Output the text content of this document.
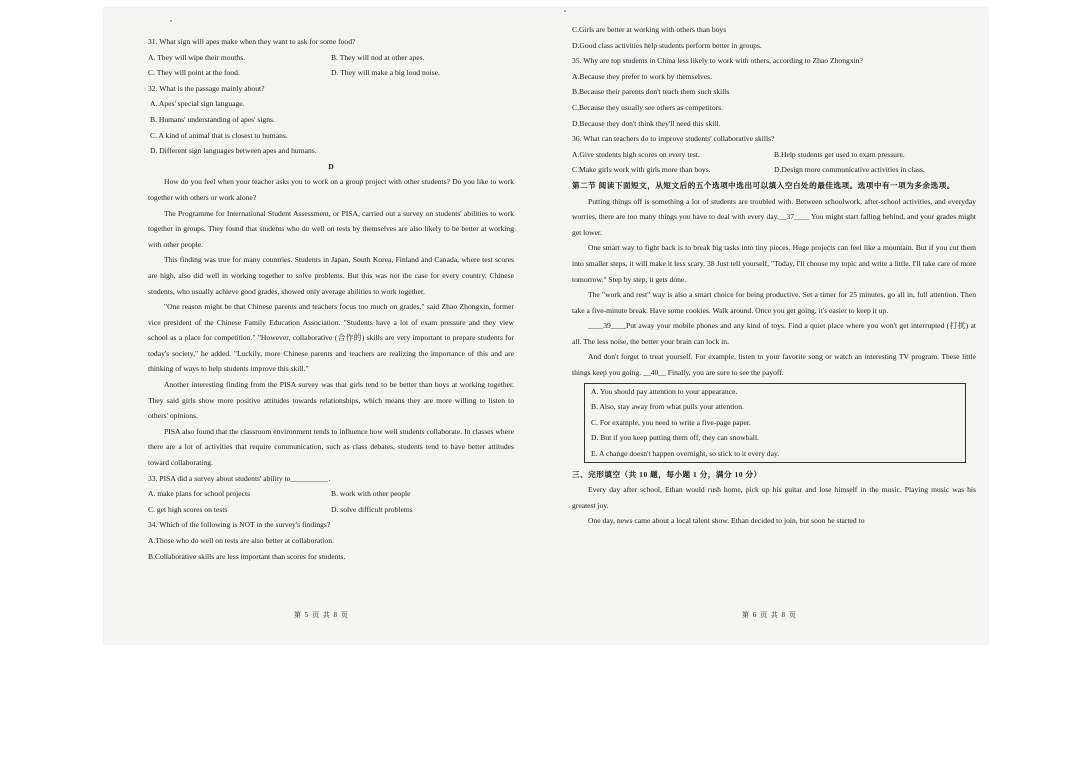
31. What sign will apes make when they want to ask for some food?

A. They will wipe their mouths.	B. They will nod at other apes.
C. They will point at the food.	D. They will make a big loud noise.

32. What is the passage mainly about?

A. Apes' special sign language.

B. Humans' understanding of apes' signs.

C. A kind of animal that is closest to humans.

D. Different sign languages between apes and humans.

D

How do you feel when your teacher asks you to work on a group project with other students? Do you like to work together with others or work alone?

The Programme for International Student Assessment, or PISA, carried out a survey on students' abilities to work together in groups. They found that students who do well on tests by themselves are also likely to be better at working with other people.

This finding was true for many countries. Students in Japan, South Korea, Finland and Canada, where test scores are high, also did well in working together to solve problems. But this was not the case for every country. Chinese students, who usually achieve good grades, showed only average abilities to work together.

"One reason might be that Chinese parents and teachers focus too much on grades," said Zhao Zhongxin, former vice president of the Chinese Family Education Association. "Students have a lot of exam pressure and they view school as a place for competition." "However, collaborative (合作的) skills are very important to prepare students for today's society," he added. "Luckily, more Chinese parents and teachers are realizing the importance of this and are thinking of ways to help students improve this skill."

Another interesting finding from the PISA survey was that girls tend to be better than boys at working together. They said girls show more positive attitudes towards relationships, which means they are more willing to listen to others' opinions.

PISA also found that the classroom environment tends to influence how well students collaborate. In classes where there are a lot of activities that require communication, such as class debates, students tend to have better attitudes toward collaborating.

33. PISA did a survey about students' ability to__________.

A. make plans for school projects	B. work with other people
C. get high scores on tests	D. solve difficult problems

34. Which of the following is NOT in the survey's findings?

A.Those who do well on tests are also better at collaboration.

B.Collaborative skills are less important than scores for students.

C.Girls are better at working with others than boys

D.Good class activities help students perform better in groups.

35. Why are top students in China less likely to work with others, according to Zhao Zhongxin?

A.Because they prefer to work by themselves.

B.Because their parents don't teach them such skills

C.Because they usually see others as competitors.

D.Because they don't think they'll need this skill.

36. What can teachers do to improve students' collaborative skills?

A.Give students high scores on every test.	B.Help students get used to exam pressure.
C.Make girls work with girls more than boys.	D.Design more communicative activities in class.

第二节 阅读下面短文，从短文后的五个选项中选出可以填入空白处的最佳选项。选项中有一项为多余选项。

Putting things off is something a lot of students are troubled with. Between schoolwork, after-school activities, and everyday worries, there are too many things you have to deal with every day.__37____ You might start falling behind, and your grades might get lower.

One smart way to fight back is to break big tasks into tiny pieces. Huge projects can feel like a mountain. But if you cut them into smaller steps, it will make it less scary. 38 Just tell yourself, "Today, I'll choose my topic and write a little. I'll take care of more tomorrow." Step by step, it gets done.

The "work and rest" way is also a smart choice for being productive. Set a timer for 25 minutes, go all in, full attention. Then take a five-minute break. Have some cookies. Walk around. Once you get going, it's easier to keep it up.

____39____Put away your mobile phones and any kind of toys. Find a quiet place where you won't get interrupted (打扰) at all. The less noise, the better your brain can lock in.

And don't forget to treat yourself. For example, listen to your favorite song or watch an interesting TV program. These little things keep you going. __40__ Finally, you are sure to see the payoff.

A. You should pay attention to your appearance.

B. Also, stay away from what pulls your attention.

C. For example, you need to write a five-page paper.

D. But if you keep putting them off, they can snowball.

E. A change doesn't happen overnight, so stick to it every day.

三、完形填空（共 10 题，每小题 1 分，满分 10 分）

Every day after school, Ethan would rush home, pick up his guitar and lose himself in the music. Playing music was his greatest joy.

One day, news came about a local talent show. Ethan decided to join, but soon he started to

第 5 页 共 8 页	第 6 页 共 8 页
